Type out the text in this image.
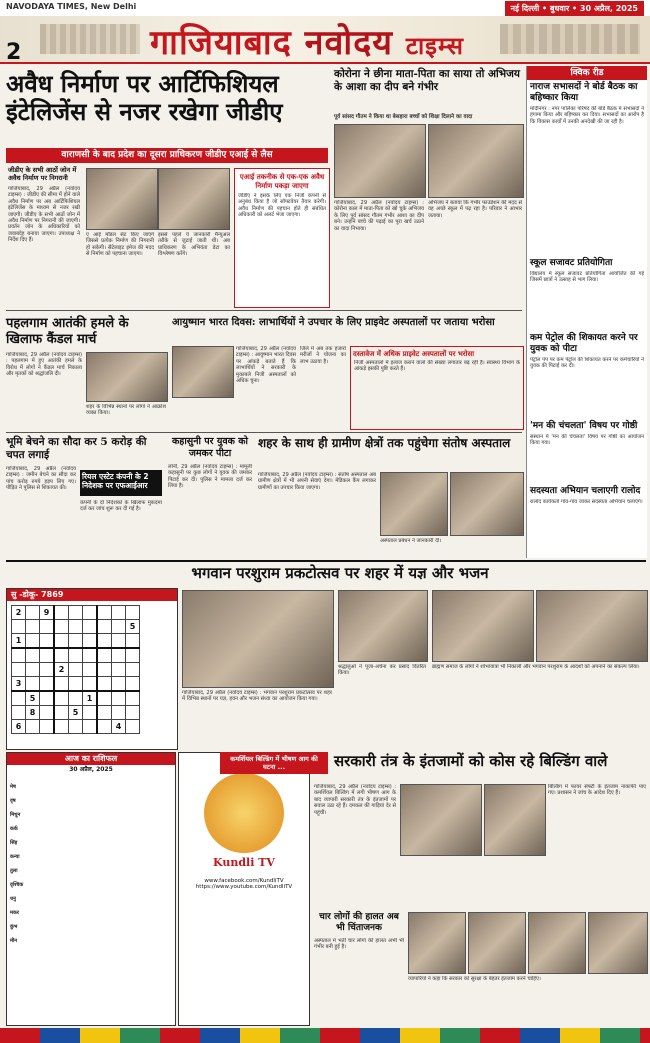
NAVODAYA TIMES, New Delhi	नई दिल्ली • बुधवार • 30 अप्रैल, 2025
2	गाजियाबाद नवोदय टाइम्स
अवैध निर्माण पर आर्टिफिशियल
इंटेलिजेंस से नजर रखेगा जीडीए
वाराणसी के बाद प्रदेश का दूसरा प्राधिकरण जीडीए एआई से लैस
जीडीए के सभी आठों जोन में अवैध निर्माण पर निगरानी
गाजियाबाद, 29 अप्रैल (नवोदय टाइम्स) : जीडीए की सीमा में होने वाले अवैध निर्माण पर अब आर्टिफिशियल इंटेलिजेंस के माध्यम से नजर रखी जाएगी। जीडीए के सभी आठों जोन में अवैध निर्माण पर निगरानी की जाएगी। प्रवर्तन जोन के अधिकारियों को जवाबदेह बनाया जाएगा। उपाध्यक्ष ने निर्देश दिए हैं।
ए आई मॉडल सेट किए जाएंगे जिससे प्रत्येक निर्माण की निगरानी हो सकेगी। सैटेलाइट इमेज की मदद से निर्माण को पहचाना जाएगा।
इससे पहले ये जानकारी मैन्युअल तरीके से जुटाई जाती थी। अब प्राधिकरण के अभियंता डेटा का विश्लेषण करेंगे।
एआई तकनीक से एक-एक अवैध निर्माण पकड़ा जाएगा
जीडीए ने इसके लिए एक निजी कंपनी से अनुबंध किया है जो सॉफ्टवेयर तैयार करेगी। अवैध निर्माण की पहचान होते ही संबंधित अधिकारी को अलर्ट भेजा जाएगा।
कोरोना ने छीना माता-पिता का साया तो अभिजय के आशा का दीप बने गंभीर
पूर्व सांसद गौतम ने किया था बेसहारा बच्चों को शिक्षा दिलाने का वादा
गाजियाबाद, 29 अप्रैल (नवोदय टाइम्स) : कोरोना काल में माता-पिता को खो चुके अभिजय के लिए पूर्व सांसद गौतम गंभीर आशा का दीप बने। उन्होंने बच्चे की पढ़ाई का पूरा खर्च उठाने का वादा निभाया।
अभिजय ने बताया कि गंभीर फाउंडेशन की मदद से वह अच्छे स्कूल में पढ़ रहा है। परिवार ने आभार जताया।
क्विक रीड
नाराज सभासदों ने बोर्ड बैठक का बहिष्कार किया
मोदीनगर : नगर पालिका परिषद की बोर्ड बैठक में सभासदों ने हंगामा किया और बहिष्कार कर दिया। सभासदों का आरोप है कि विकास कार्यों में उनकी अनदेखी की जा रही है।
स्कूल सजावट प्रतियोगिता
विद्यालय में स्कूल सजावट प्रतियोगिता आयोजित की गई जिसमें छात्रों ने उत्साह से भाग लिया।
कम पेट्रोल की शिकायत करने पर युवक को पीटा
पेट्रोल पंप पर कम पेट्रोल की शिकायत करने पर कर्मचारियों ने युवक की पिटाई कर दी।
'मन की चंचलता' विषय पर गोष्ठी
संस्थान में 'मन की चंचलता' विषय पर गोष्ठी का आयोजन किया गया।
सदस्यता अभियान चलाएगी रालोद
रालोद कार्यकर्ता गांव-गांव जाकर सदस्यता अभियान चलाएंगे।
पहलगाम आतंकी हमले के खिलाफ कैंडल मार्च
गाजियाबाद, 29 अप्रैल (नवोदय टाइम्स) : पहलगाम में हुए आतंकी हमले के विरोध में लोगों ने कैंडल मार्च निकाला और मृतकों को श्रद्धांजलि दी।
शहर के विभिन्न स्थानों पर लोगों ने आक्रोश व्यक्त किया।
आयुष्मान भारत दिवस: लाभार्थियों ने उपचार के लिए प्राइवेट अस्पतालों पर जताया भरोसा
गाजियाबाद, 29 अप्रैल (नवोदय टाइम्स) : आयुष्मान भारत दिवस पर आंकड़े बताते हैं कि लाभार्थियों ने सरकारी के मुकाबले निजी अस्पतालों को अधिक चुना।
जिले में अब तक हजारों मरीजों ने योजना का लाभ उठाया है।
दस्तावेज में अधिक प्राइवेट अस्पतालों पर भरोसा
निजी अस्पतालों में इलाज कराने वालों की संख्या लगातार बढ़ रही है। स्वास्थ्य विभाग के आंकड़े इसकी पुष्टि करते हैं।
भूमि बेचने का सौदा कर 5 करोड़ की चपत लगाई
गाजियाबाद, 29 अप्रैल (नवोदय टाइम्स) : जमीन बेचने का सौदा कर पांच करोड़ रुपये हड़प लिए गए। पीड़ित ने पुलिस से शिकायत की।
रियल एस्टेट कंपनी के 2 निदेशक पर एफआईआर
कंपनी के दो निदेशकों के खिलाफ मुकदमा दर्ज कर जांच शुरू कर दी गई है।
कहासुनी पर युवक को जमकर पीटा
लोनी, 29 अप्रैल (नवोदय टाइम्स) : मामूली कहासुनी पर कुछ लोगों ने युवक की जमकर पिटाई कर दी। पुलिस ने मामला दर्ज कर लिया है।
शहर के साथ ही ग्रामीण क्षेत्रों तक पहुंचेगा संतोष अस्पताल
गाजियाबाद, 29 अप्रैल (नवोदय टाइम्स) : संतोष अस्पताल अब ग्रामीण क्षेत्रों में भी अपनी सेवाएं देगा। मेडिकल कैंप लगाकर ग्रामीणों का उपचार किया जाएगा।
अस्पताल प्रबंधन ने जानकारी दी।
भगवान परशुराम प्रकटोत्सव पर शहर में यज्ञ और भजन
सु -डोकू- 7869
2		9						
								5
1								

			2					
3								
	5				1			
	8			5				
6							4	
गाजियाबाद, 29 अप्रैल (नवोदय टाइम्स) : भगवान परशुराम प्रकटोत्सव पर शहर में विभिन्न स्थानों पर यज्ञ, हवन और भजन संध्या का आयोजन किया गया।
श्रद्धालुओं ने पूजा-अर्चना कर प्रसाद वितरित किया।
ब्राह्मण समाज के लोगों ने शोभायात्रा भी निकाली और भगवान परशुराम के आदर्शों को अपनाने का संकल्प लिया।
आज का राशिफल
30 अप्रैल, 2025
मेष
वृष
मिथुन
कर्क
सिंह
कन्या
तुला
वृश्चिक
धनु
मकर
कुंभ
मीन
Kundli TV
www.facebook.com/KundliTV
https://www.youtube.com/KundliTV
कमर्शियल बिल्डिंग में भीषण आग की घटना ...	सरकारी तंत्र के इंतजामों को कोस रहे बिल्डिंग वाले
गाजियाबाद, 29 अप्रैल (नवोदय टाइम्स) : कमर्शियल बिल्डिंग में लगी भीषण आग के बाद व्यापारी सरकारी तंत्र के इंतजामों पर सवाल उठा रहे हैं। दमकल की गाड़ियां देर से पहुंचीं।
बिल्डिंग में फायर सेफ्टी के इंतजाम नाकाफी पाए गए। प्रशासन ने जांच के आदेश दिए हैं।
चार लोगों की हालत अब भी चिंताजनक
अस्पताल में भर्ती चार लोगों की हालत अभी भी गंभीर बनी हुई है।
व्यापारियों ने कहा कि सरकार को सुरक्षा के बेहतर इंतजाम करने चाहिए।
